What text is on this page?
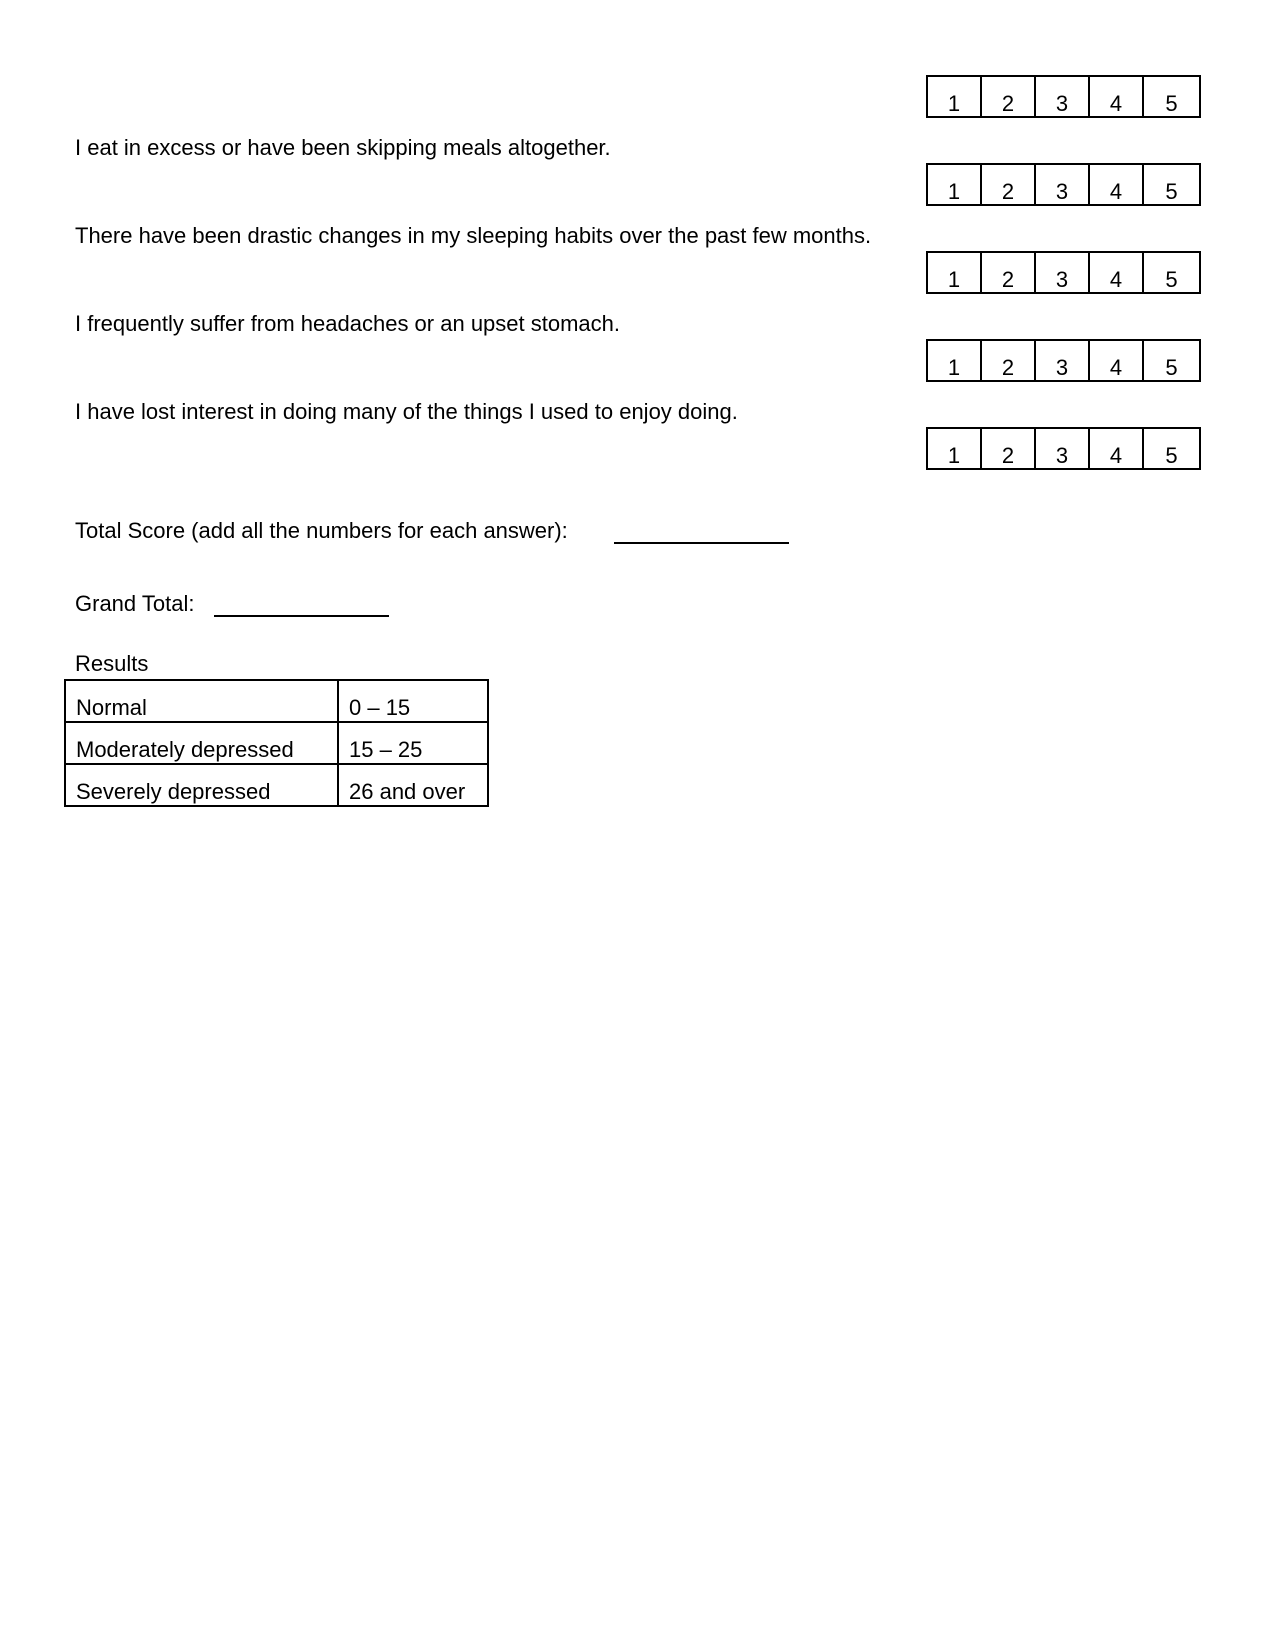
1	2	3	4	5
I eat in excess or have been skipping meals altogether.
1	2	3	4	5
There have been drastic changes in my sleeping habits over the past few months.
1	2	3	4	5
I frequently suffer from headaches or an upset stomach.
1	2	3	4	5
I have lost interest in doing many of the things I used to enjoy doing.
1	2	3	4	5
Total Score (add all the numbers for each answer):
Grand Total:
Results
Normal	0 – 15
Moderately depressed	15 – 25
Severely depressed	26 and over
